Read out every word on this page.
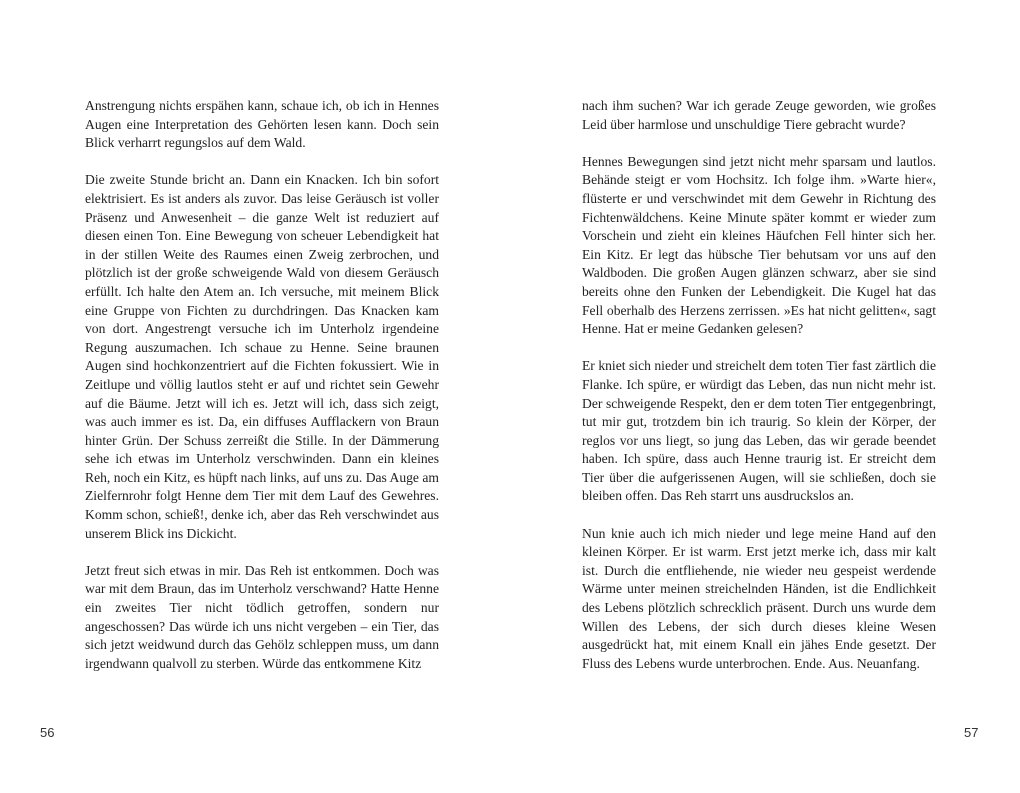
Anstrengung nichts erspähen kann, schaue ich, ob ich in Hennes Augen eine Interpretation des Gehörten lesen kann. Doch sein Blick verharrt regungslos auf dem Wald.

Die zweite Stunde bricht an. Dann ein Knacken. Ich bin sofort elektrisiert. Es ist anders als zuvor. Das leise Geräusch ist voller Präsenz und Anwesenheit – die ganze Welt ist reduziert auf diesen einen Ton. Eine Bewegung von scheuer Lebendigkeit hat in der stillen Weite des Raumes einen Zweig zerbrochen, und plötzlich ist der große schweigende Wald von diesem Geräusch erfüllt. Ich halte den Atem an. Ich versuche, mit meinem Blick eine Gruppe von Fichten zu durchdringen. Das Knacken kam von dort. Angestrengt versuche ich im Unterholz irgendeine Regung auszumachen. Ich schaue zu Henne. Seine braunen Augen sind hochkonzentriert auf die Fichten fokussiert. Wie in Zeitlupe und völlig lautlos steht er auf und richtet sein Gewehr auf die Bäume. Jetzt will ich es. Jetzt will ich, dass sich zeigt, was auch immer es ist. Da, ein diffuses Aufflackern von Braun hinter Grün. Der Schuss zerreißt die Stille. In der Dämmerung sehe ich etwas im Unterholz verschwinden. Dann ein kleines Reh, noch ein Kitz, es hüpft nach links, auf uns zu. Das Auge am Zielfernrohr folgt Henne dem Tier mit dem Lauf des Gewehres. Komm schon, schieß!, denke ich, aber das Reh verschwindet aus unserem Blick ins Dickicht.

Jetzt freut sich etwas in mir. Das Reh ist entkommen. Doch was war mit dem Braun, das im Unterholz verschwand? Hatte Henne ein zweites Tier nicht tödlich getroffen, sondern nur angeschossen? Das würde ich uns nicht vergeben – ein Tier, das sich jetzt weidwund durch das Gehölz schleppen muss, um dann irgendwann qualvoll zu sterben. Würde das entkommene Kitz

56

nach ihm suchen? War ich gerade Zeuge geworden, wie großes Leid über harmlose und unschuldige Tiere gebracht wurde?

Hennes Bewegungen sind jetzt nicht mehr sparsam und lautlos. Behände steigt er vom Hochsitz. Ich folge ihm. »Warte hier«, flüsterte er und verschwindet mit dem Gewehr in Richtung des Fichtenwäldchens. Keine Minute später kommt er wieder zum Vorschein und zieht ein kleines Häufchen Fell hinter sich her. Ein Kitz. Er legt das hübsche Tier behutsam vor uns auf den Waldboden. Die großen Augen glänzen schwarz, aber sie sind bereits ohne den Funken der Lebendigkeit. Die Kugel hat das Fell oberhalb des Herzens zerrissen. »Es hat nicht gelitten«, sagt Henne. Hat er meine Gedanken gelesen?

Er kniet sich nieder und streichelt dem toten Tier fast zärtlich die Flanke. Ich spüre, er würdigt das Leben, das nun nicht mehr ist. Der schweigende Respekt, den er dem toten Tier entgegenbringt, tut mir gut, trotzdem bin ich traurig. So klein der Körper, der reglos vor uns liegt, so jung das Leben, das wir gerade beendet haben. Ich spüre, dass auch Henne traurig ist. Er streicht dem Tier über die aufgerissenen Augen, will sie schließen, doch sie bleiben offen. Das Reh starrt uns ausdruckslos an.

Nun knie auch ich mich nieder und lege meine Hand auf den kleinen Körper. Er ist warm. Erst jetzt merke ich, dass mir kalt ist. Durch die entfliehende, nie wieder neu gespeist werdende Wärme unter meinen streichelnden Händen, ist die Endlichkeit des Lebens plötzlich schrecklich präsent. Durch uns wurde dem Willen des Lebens, der sich durch dieses kleine Wesen ausgedrückt hat, mit einem Knall ein jähes Ende gesetzt. Der Fluss des Lebens wurde unterbrochen. Ende. Aus. Neuanfang.

57
